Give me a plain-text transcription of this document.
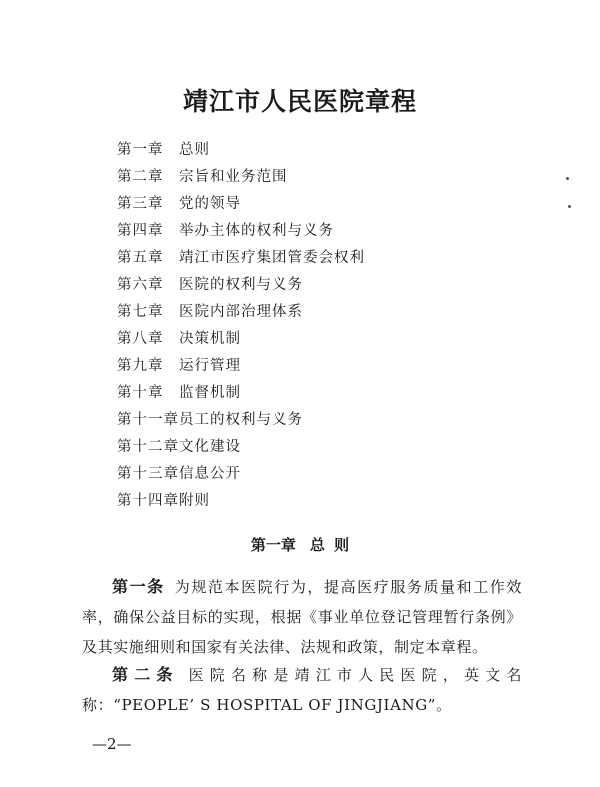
靖江市人民医院章程
第一章 总则
第二章 宗旨和业务范围
第三章 党的领导
第四章 举办主体的权利与义务
第五章 靖江市医疗集团管委会权利
第六章 医院的权利与义务
第七章 医院内部治理体系
第八章 决策机制
第九章 运行管理
第十章 监督机制
第十一章员工的权利与义务
第十二章文化建设
第十三章信息公开
第十四章附则
第一章 总 则
第一条 为规范本医院行为，提高医疗服务质量和工作效率，确保公益目标的实现，根据《事业单位登记管理暂行条例》及其实施细则和国家有关法律、法规和政策，制定本章程。
第二条 医院名称是靖江市人民医院，英文名称：“PEOPLE’ S HOSPITAL OF JINGJIANG”。
—2—
